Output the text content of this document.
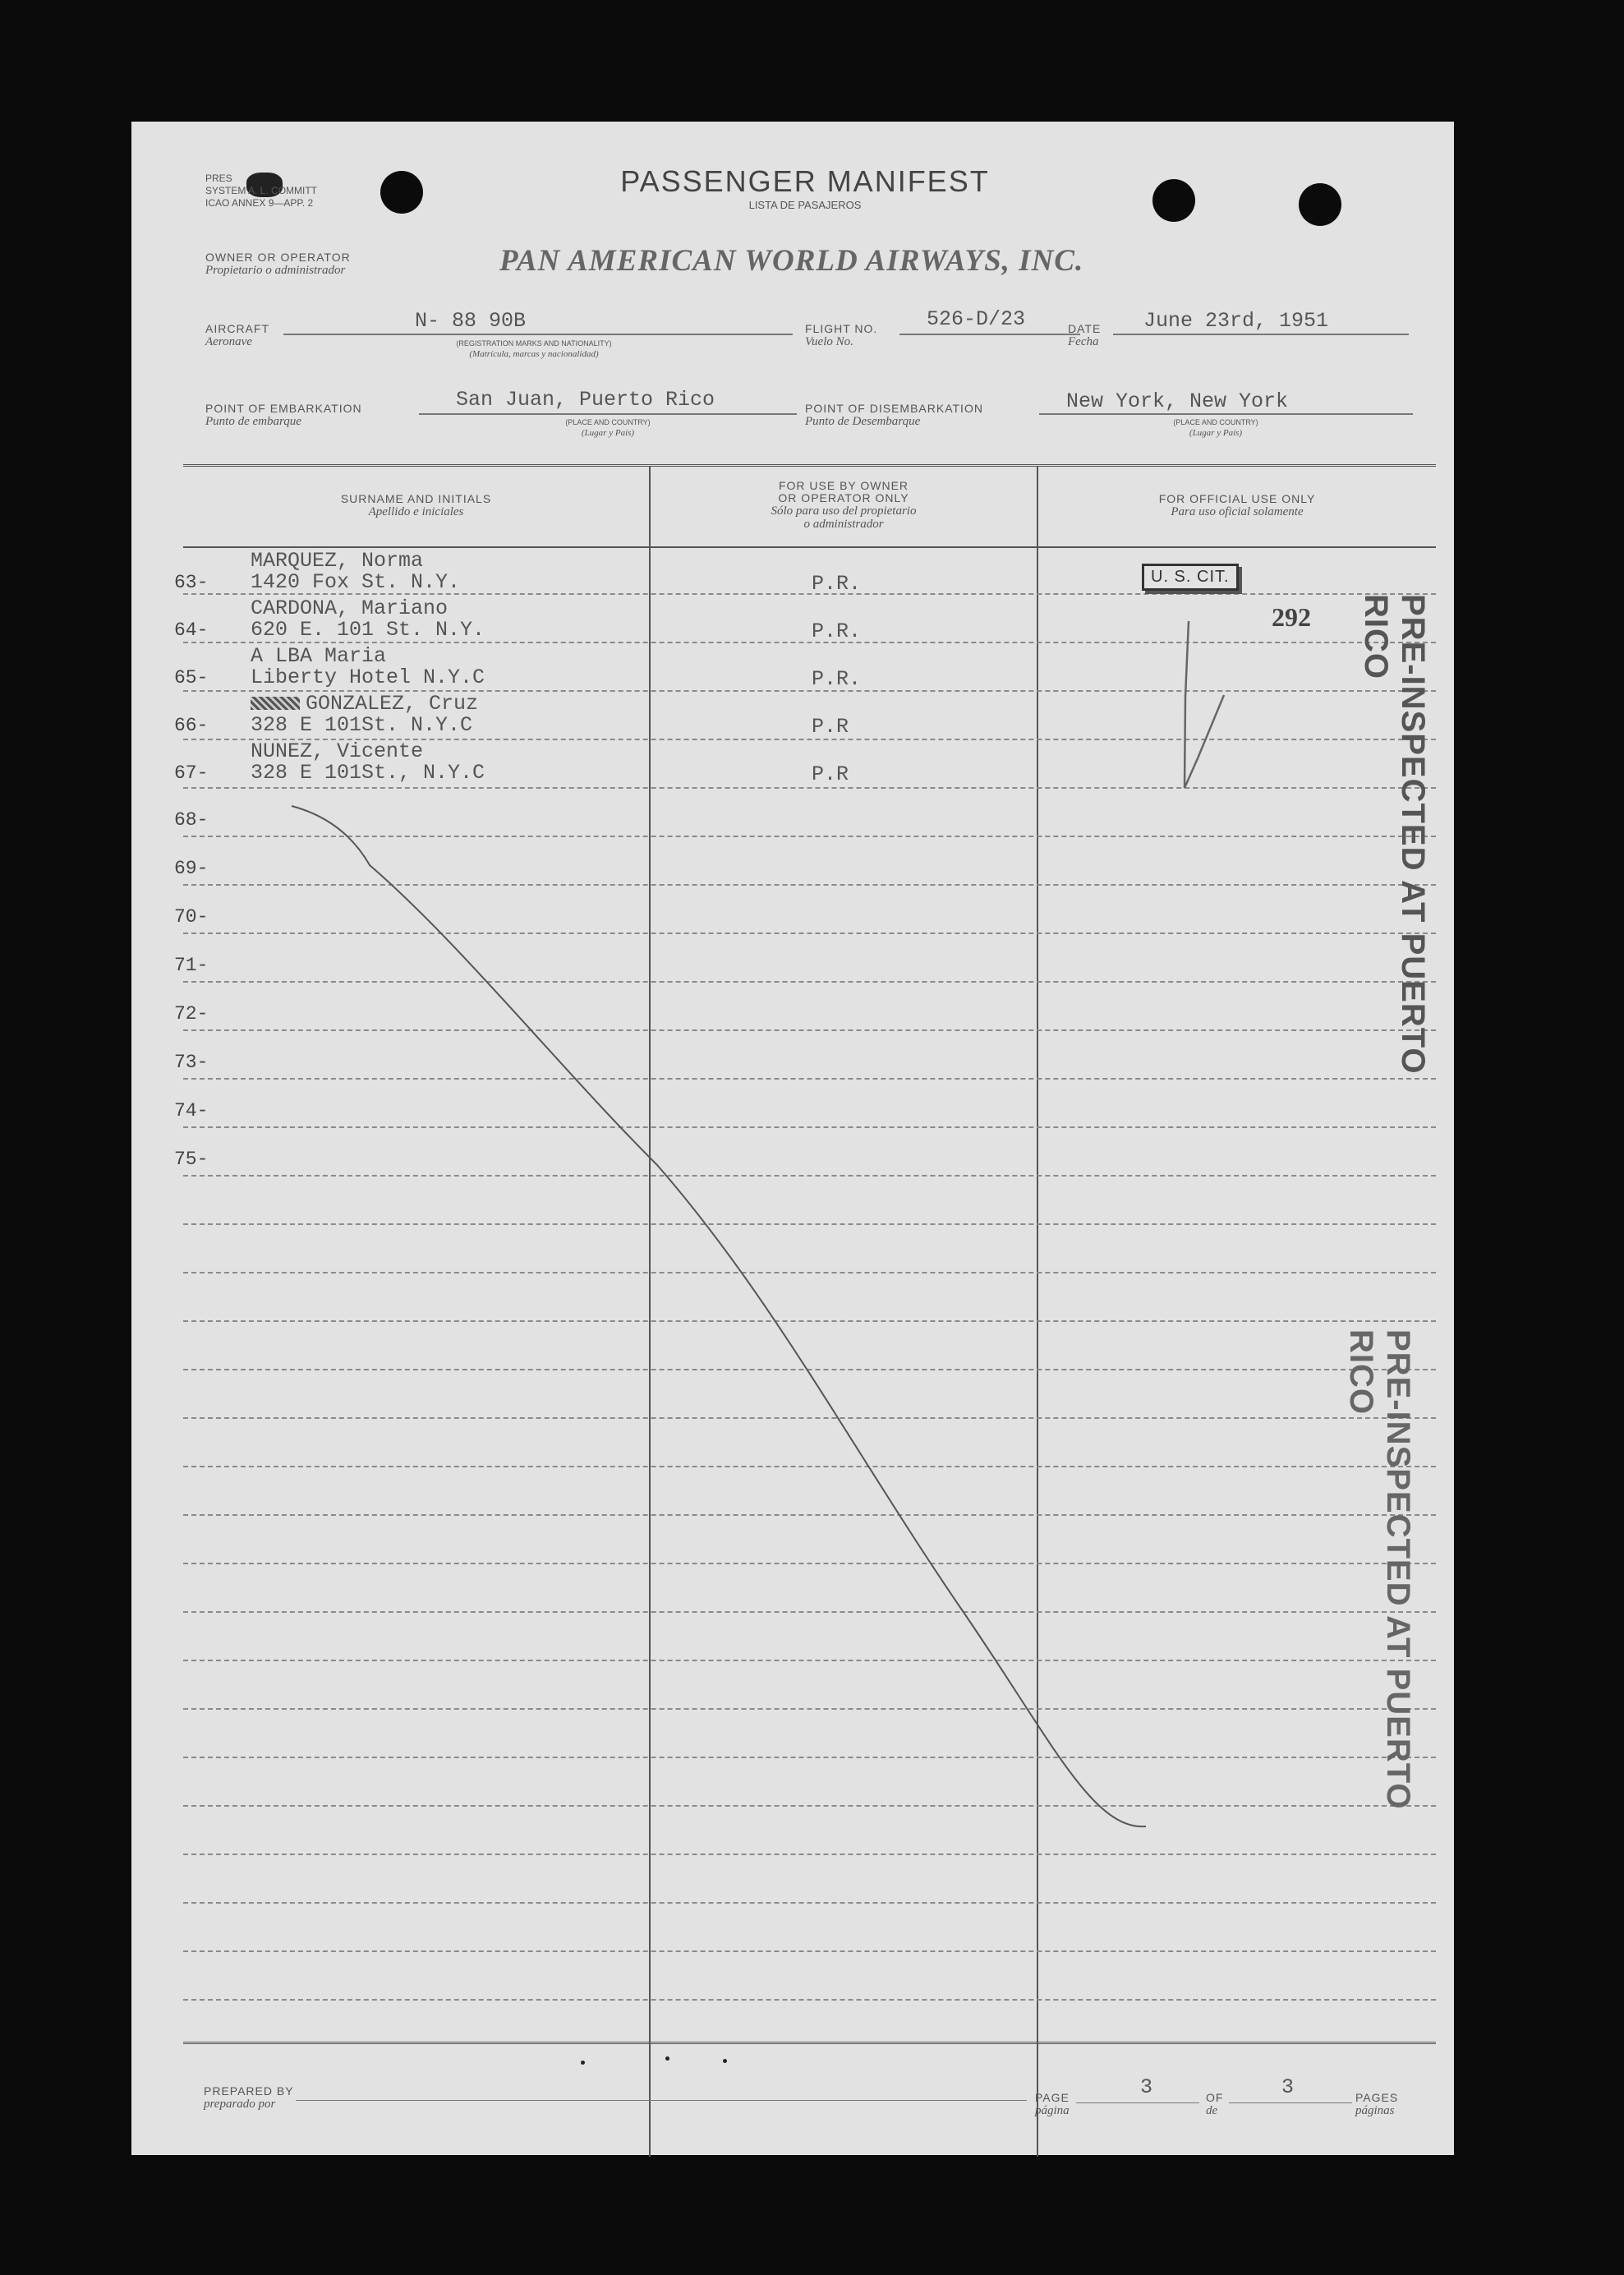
PRES
SYSTEM A. L. COMMITT
ICAO ANNEX 9—APP. 2
PASSENGER MANIFEST
LISTA DE PASAJEROS
OWNER OR OPERATOR
Propietario o administrador	PAN AMERICAN WORLD AIRWAYS, INC.
AIRCRAFT
Aeronave
N- 88 90B
(REGISTRATION MARKS AND NATIONALITY)
(Matrícula, marcas y nacionalidad)
FLIGHT NO.
Vuelo No.
526-D/23	DATE
Fecha
June 23rd, 1951
POINT OF EMBARKATION
Punto de embarque
San Juan, Puerto Rico
(PLACE AND COUNTRY)
(Lugar y País)
POINT OF DISEMBARKATION
Punto de Desembarque
New York, New York
(PLACE AND COUNTRY)
(Lugar y País)
SURNAME AND INITIALS
Apellido e iniciales
FOR USE BY OWNER
OR OPERATOR ONLY
Sólo para uso del propietario
o administrador
FOR OFFICIAL USE ONLY
Para uso oficial solamente
63-
MARQUEZ, Norma
1420 Fox St. N.Y.	P.R.
64-
CARDONA, Mariano
620 E. 101 St. N.Y.	P.R.
65-
A LBA Maria
Liberty Hotel N.Y.C	P.R.
66-
GONZALEZ, Cruz
328 E 101St. N.Y.C	P.R
67-
NUNEZ, Vicente
328 E 101St., N.Y.C	P.R
68-
69-
70-
71-
72-
73-
74-
75-
U. S. CIT.
292	PRE-INSPECTED AT PUERTO RICO
PRE-INSPECTED AT PUERTO RICO
PREPARED BY
preparado por	PAGE
página
3	OF
de
3	PAGES
páginas
